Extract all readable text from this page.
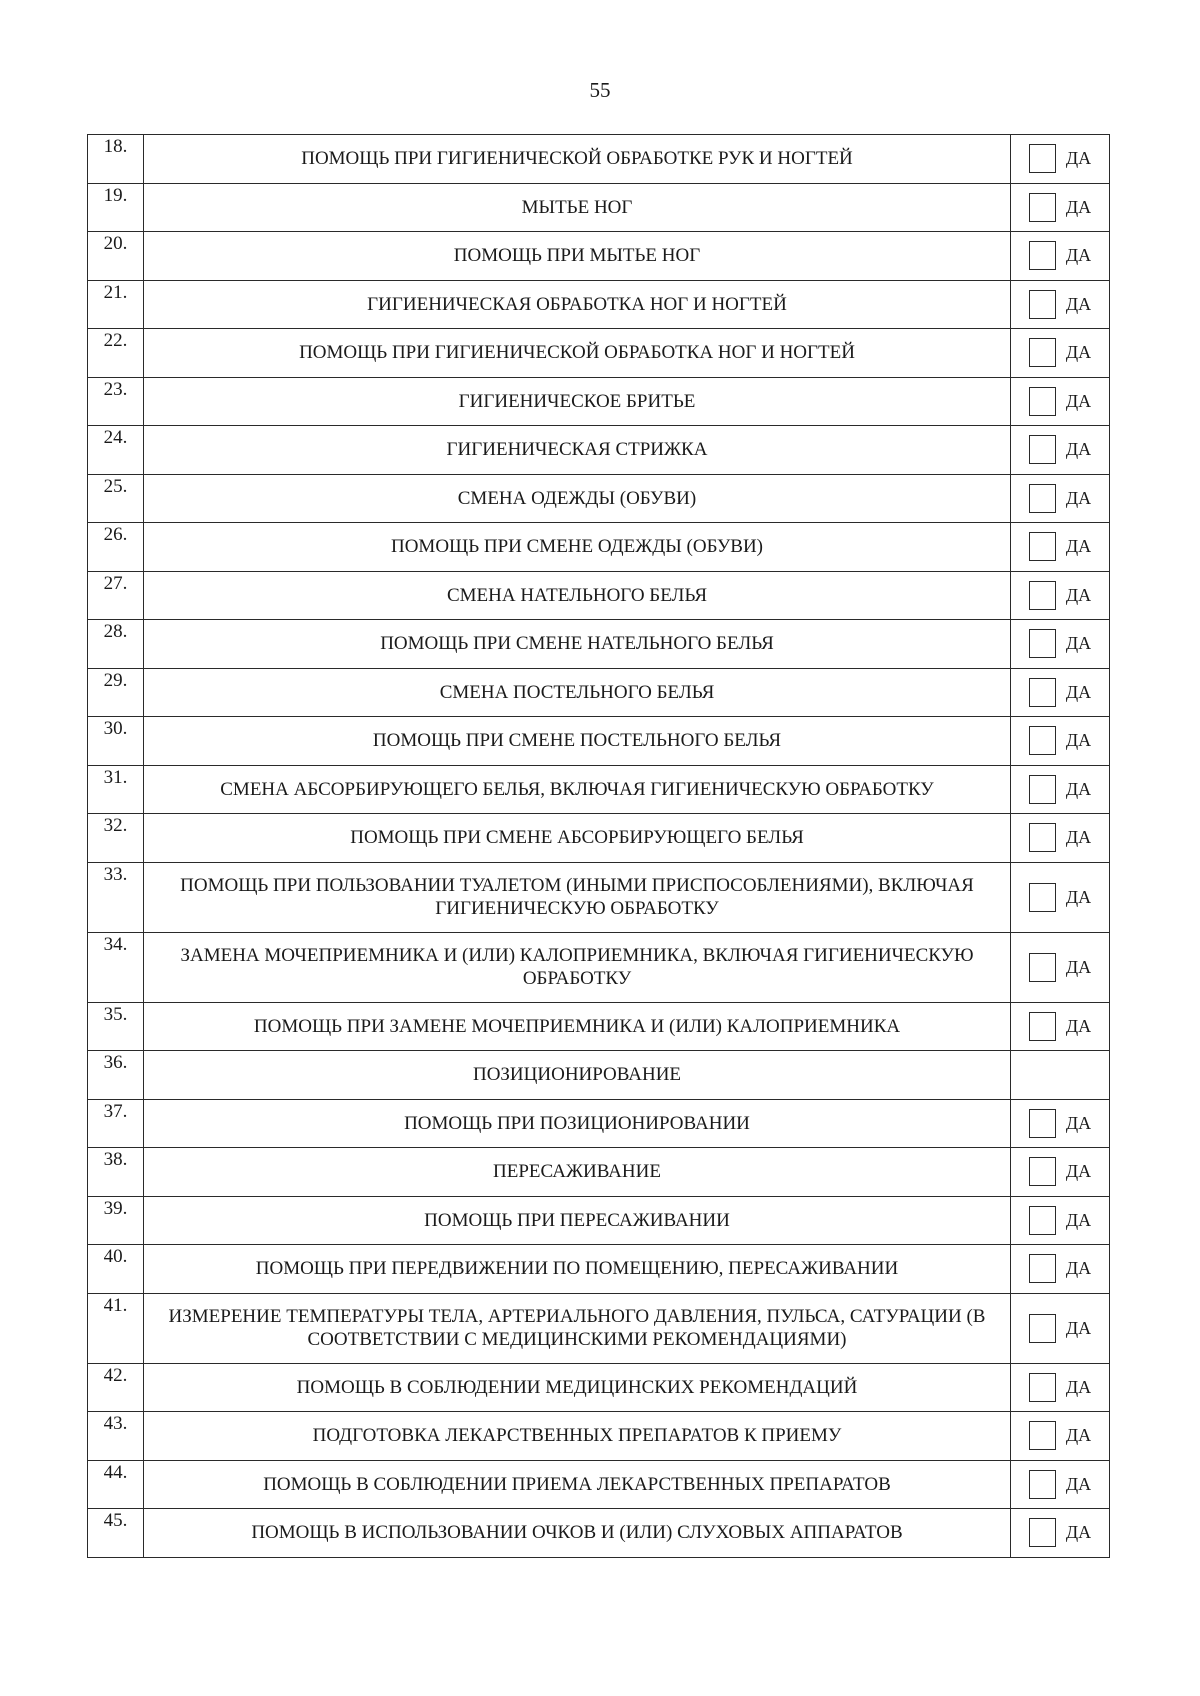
55
18.	ПОМОЩЬ ПРИ ГИГИЕНИЧЕСКОЙ ОБРАБОТКЕ РУК И НОГТЕЙ	ДА

19.	МЫТЬЕ НОГ	ДА

20.	ПОМОЩЬ ПРИ МЫТЬЕ НОГ	ДА

21.	ГИГИЕНИЧЕСКАЯ ОБРАБОТКА НОГ И НОГТЕЙ	ДА

22.	ПОМОЩЬ ПРИ ГИГИЕНИЧЕСКОЙ ОБРАБОТКА НОГ И НОГТЕЙ	ДА

23.	ГИГИЕНИЧЕСКОЕ БРИТЬЕ	ДА

24.	ГИГИЕНИЧЕСКАЯ СТРИЖКА	ДА

25.	СМЕНА ОДЕЖДЫ (ОБУВИ)	ДА

26.	ПОМОЩЬ ПРИ СМЕНЕ ОДЕЖДЫ (ОБУВИ)	ДА

27.	СМЕНА НАТЕЛЬНОГО БЕЛЬЯ	ДА

28.	ПОМОЩЬ ПРИ СМЕНЕ НАТЕЛЬНОГО БЕЛЬЯ	ДА

29.	СМЕНА ПОСТЕЛЬНОГО БЕЛЬЯ	ДА

30.	ПОМОЩЬ ПРИ СМЕНЕ ПОСТЕЛЬНОГО БЕЛЬЯ	ДА

31.	СМЕНА АБСОРБИРУЮЩЕГО БЕЛЬЯ, ВКЛЮЧАЯ ГИГИЕНИЧЕСКУЮ ОБРАБОТКУ	ДА

32.	ПОМОЩЬ ПРИ СМЕНЕ АБСОРБИРУЮЩЕГО БЕЛЬЯ	ДА

33.	ПОМОЩЬ ПРИ ПОЛЬЗОВАНИИ ТУАЛЕТОМ (ИНЫМИ ПРИСПОСОБЛЕНИЯМИ), ВКЛЮЧАЯ ГИГИЕНИЧЕСКУЮ ОБРАБОТКУ	ДА

34.	ЗАМЕНА МОЧЕПРИЕМНИКА И (ИЛИ) КАЛОПРИЕМНИКА, ВКЛЮЧАЯ ГИГИЕНИЧЕСКУЮ ОБРАБОТКУ	ДА

35.	ПОМОЩЬ ПРИ ЗАМЕНЕ МОЧЕПРИЕМНИКА И (ИЛИ) КАЛОПРИЕМНИКА	ДА

36.	ПОЗИЦИОНИРОВАНИЕ	
37.	ПОМОЩЬ ПРИ ПОЗИЦИОНИРОВАНИИ	ДА

38.	ПЕРЕСАЖИВАНИЕ	ДА

39.	ПОМОЩЬ ПРИ ПЕРЕСАЖИВАНИИ	ДА

40.	ПОМОЩЬ ПРИ ПЕРЕДВИЖЕНИИ ПО ПОМЕЩЕНИЮ, ПЕРЕСАЖИВАНИИ	ДА

41.	ИЗМЕРЕНИЕ ТЕМПЕРАТУРЫ ТЕЛА, АРТЕРИАЛЬНОГО ДАВЛЕНИЯ, ПУЛЬСА, САТУРАЦИИ (В СООТВЕТСТВИИ С МЕДИЦИНСКИМИ РЕКОМЕНДАЦИЯМИ)	ДА

42.	ПОМОЩЬ В СОБЛЮДЕНИИ МЕДИЦИНСКИХ РЕКОМЕНДАЦИЙ	ДА

43.	ПОДГОТОВКА ЛЕКАРСТВЕННЫХ ПРЕПАРАТОВ К ПРИЕМУ	ДА

44.	ПОМОЩЬ В СОБЛЮДЕНИИ ПРИЕМА ЛЕКАРСТВЕННЫХ ПРЕПАРАТОВ	ДА

45.	ПОМОЩЬ В ИСПОЛЬЗОВАНИИ ОЧКОВ И (ИЛИ) СЛУХОВЫХ АППАРАТОВ	ДА
